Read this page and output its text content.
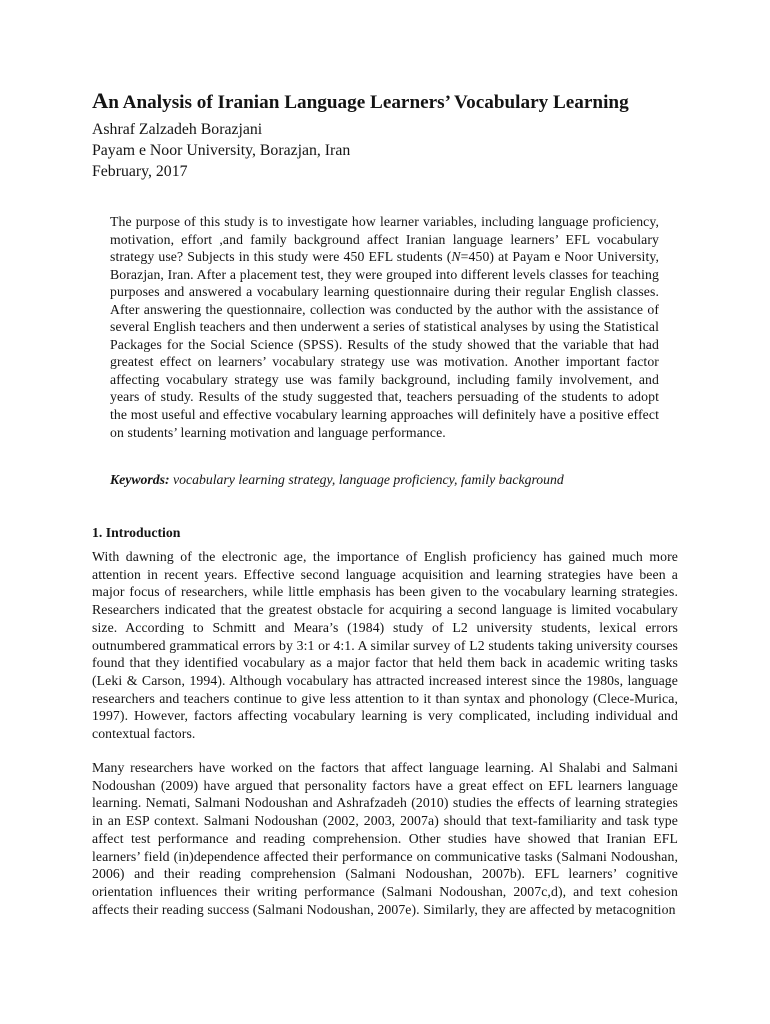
An Analysis of Iranian Language Learners’ Vocabulary Learning
Ashraf Zalzadeh Borazjani
Payam e Noor University, Borazjan, Iran
February, 2017
The purpose of this study is to investigate how learner variables, including language proficiency, motivation, effort ,and family background affect Iranian language learners’ EFL vocabulary strategy use? Subjects in this study were 450 EFL students (N=450) at Payam e Noor University, Borazjan, Iran. After a placement test, they were grouped into different levels classes for teaching purposes and answered a vocabulary learning questionnaire during their regular English classes. After answering the questionnaire, collection was conducted by the author with the assistance of several English teachers and then underwent a series of statistical analyses by using the Statistical Packages for the Social Science (SPSS). Results of the study showed that the variable that had greatest effect on learners’ vocabulary strategy use was motivation. Another important factor affecting vocabulary strategy use was family background, including family involvement, and years of study. Results of the study suggested that, teachers persuading of the students to adopt the most useful and effective vocabulary learning approaches will definitely have a positive effect on students’ learning motivation and language performance.
Keywords: vocabulary learning strategy, language proficiency, family background
1. Introduction
With dawning of the electronic age, the importance of English proficiency has gained much more attention in recent years. Effective second language acquisition and learning strategies have been a major focus of researchers, while little emphasis has been given to the vocabulary learning strategies. Researchers indicated that the greatest obstacle for acquiring a second language is limited vocabulary size. According to Schmitt and Meara’s (1984) study of L2 university students, lexical errors outnumbered grammatical errors by 3:1 or 4:1. A similar survey of L2 students taking university courses found that they identified vocabulary as a major factor that held them back in academic writing tasks (Leki & Carson, 1994). Although vocabulary has attracted increased interest since the 1980s, language researchers and teachers continue to give less attention to it than syntax and phonology (Clece-Murica, 1997). However, factors affecting vocabulary learning is very complicated, including individual and contextual factors.
Many researchers have worked on the factors that affect language learning. Al Shalabi and Salmani Nodoushan (2009) have argued that personality factors have a great effect on EFL learners language learning. Nemati, Salmani Nodoushan and Ashrafzadeh (2010) studies the effects of learning strategies in an ESP context. Salmani Nodoushan (2002, 2003, 2007a) should that text-familiarity and task type affect test performance and reading comprehension. Other studies have showed that Iranian EFL learners’ field (in)dependence affected their performance on communicative tasks (Salmani Nodoushan, 2006) and their reading comprehension (Salmani Nodoushan, 2007b). EFL learners’ cognitive orientation influences their writing performance (Salmani Nodoushan, 2007c,d), and text cohesion affects their reading success (Salmani Nodoushan, 2007e). Similarly, they are affected by metacognition
